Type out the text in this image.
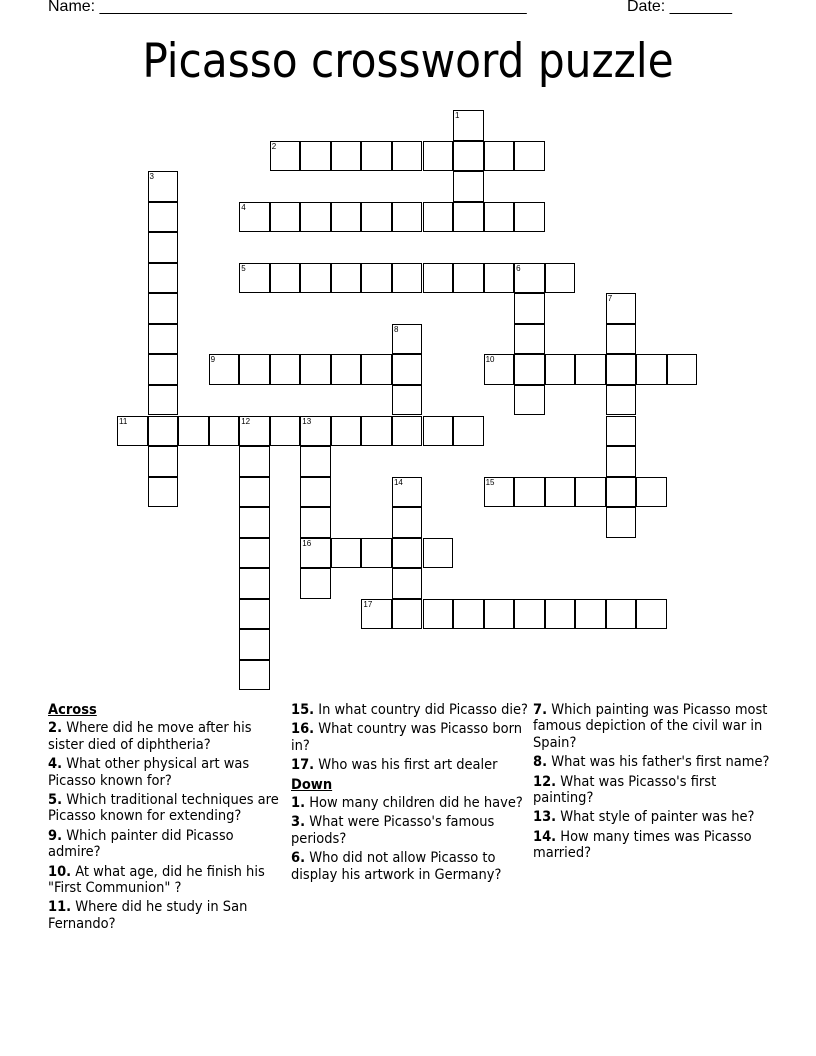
Name: ________________________________________________	Date: _______
Picasso crossword puzzle
1
2
3
4
5	6
7
8
9	10
11	12	13
16
14	15
17
Across
2. Where did he move after his sister died of diphtheria?
4. What other physical art was Picasso known for?
5. Which traditional techniques are Picasso known for extending?
9. Which painter did Picasso admire?
10. At what age, did he finish his "First Communion" ?
11. Where did he study in San Fernando?
15. In what country did Picasso die?
16. What country was Picasso born in?
17. Who was his first art dealer
Down
1. How many children did he have?
3. What were Picasso's famous periods?
6. Who did not allow Picasso to display his artwork in Germany?
7. Which painting was Picasso most famous depiction of the civil war in Spain?
8. What was his father's first name?
12. What was Picasso's first painting?
13. What style of painter was he?
14. How many times was Picasso married?
